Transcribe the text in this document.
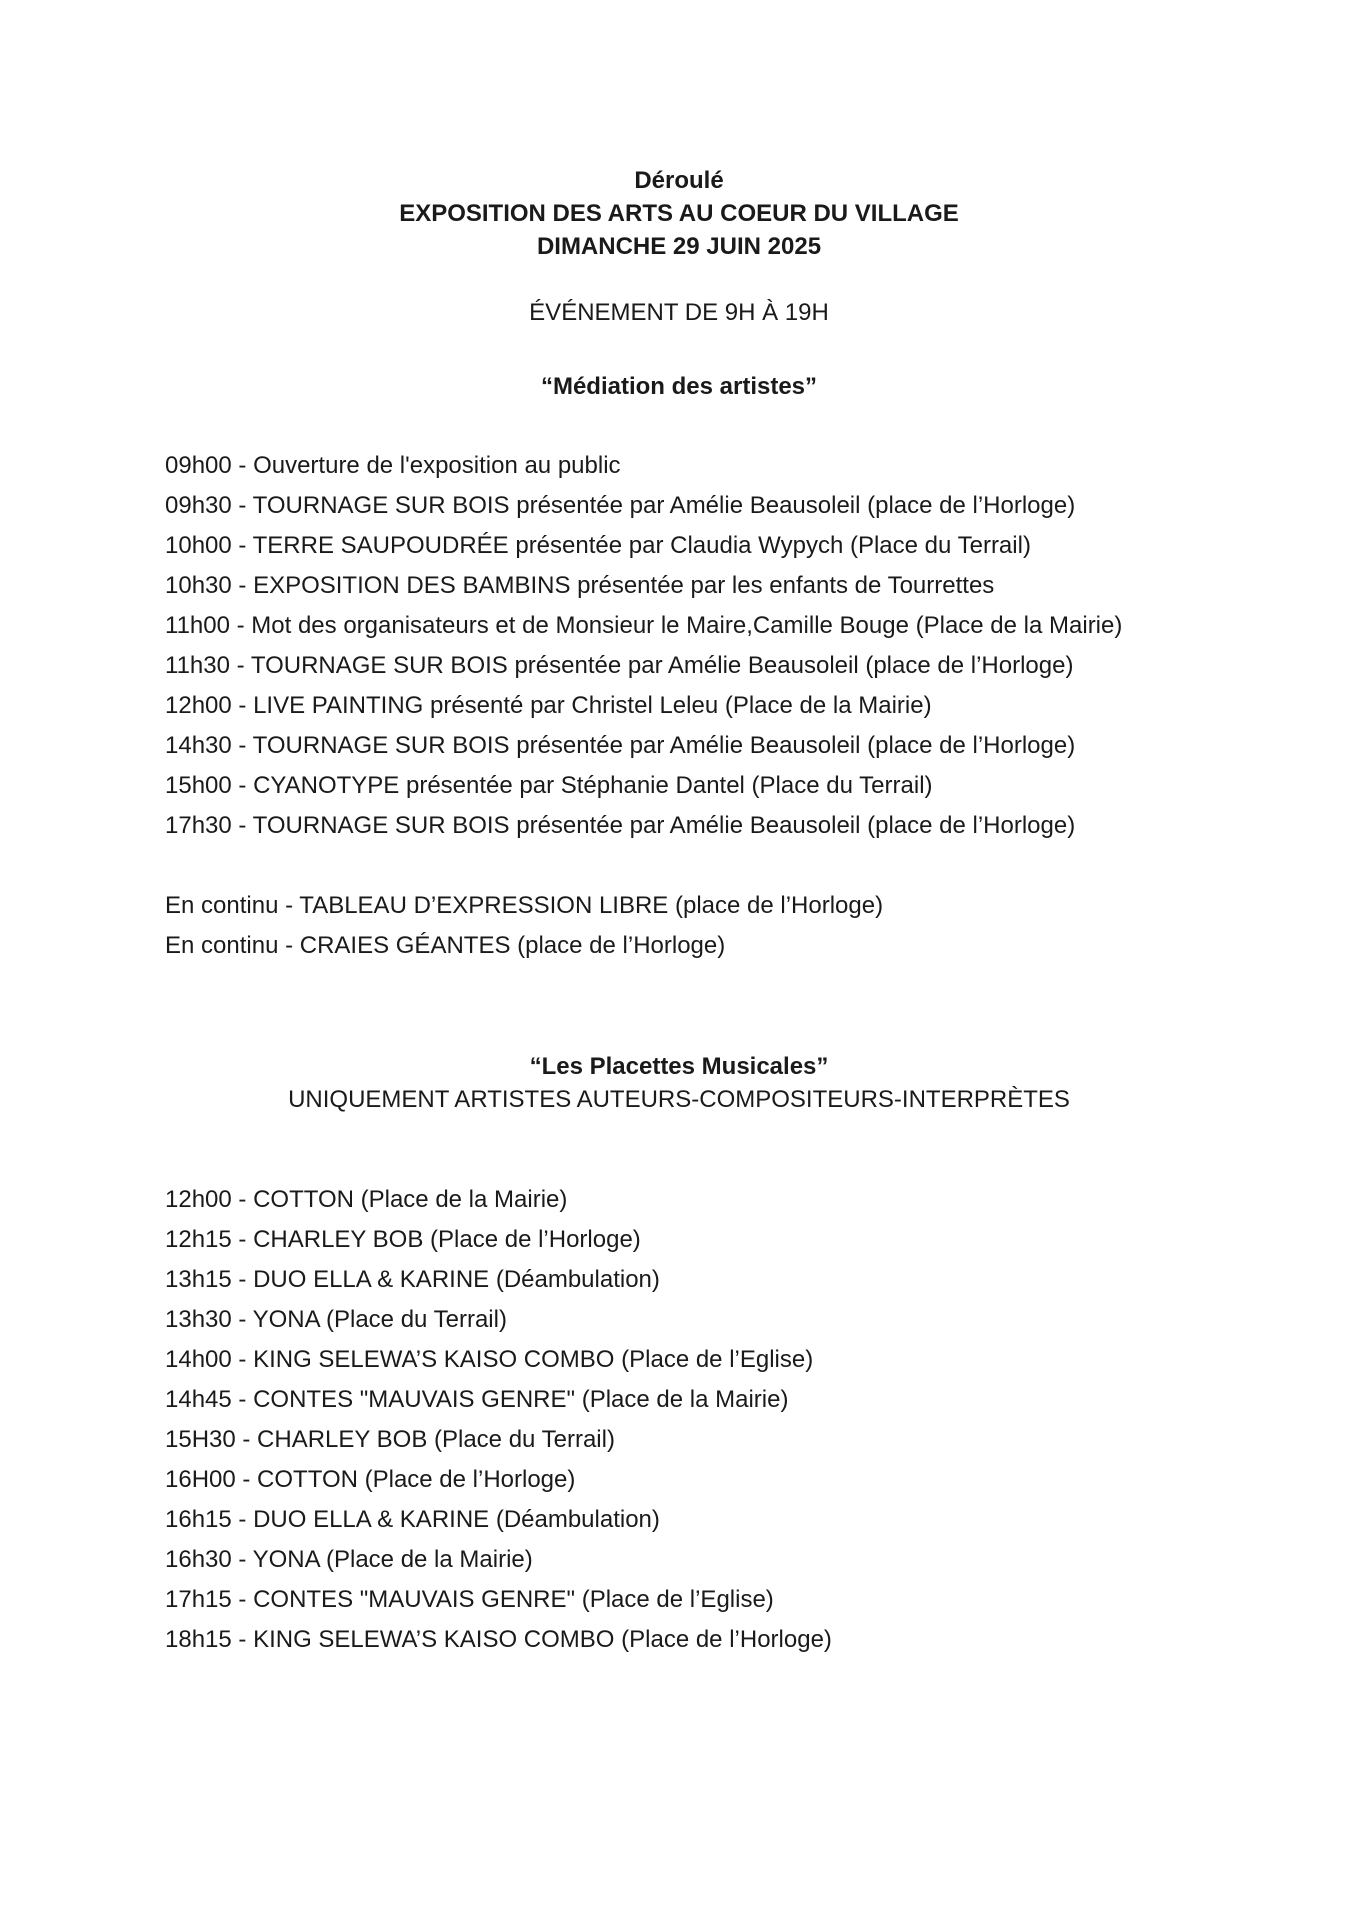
Déroulé
EXPOSITION DES ARTS AU COEUR DU VILLAGE
DIMANCHE 29 JUIN 2025
ÉVÉNEMENT DE 9H À 19H
“Médiation des artistes”
09h00 - Ouverture de l'exposition au public
09h30 - TOURNAGE SUR BOIS présentée par Amélie Beausoleil (place de l’Horloge)
10h00 - TERRE SAUPOUDRÉE présentée par Claudia Wypych (Place du Terrail)
10h30 - EXPOSITION DES BAMBINS présentée par les enfants de Tourrettes
11h00 - Mot des organisateurs et de Monsieur le Maire,Camille Bouge (Place de la Mairie)
11h30 - TOURNAGE SUR BOIS présentée par Amélie Beausoleil (place de l’Horloge)
12h00 - LIVE PAINTING présenté par Christel Leleu (Place de la Mairie)
14h30 - TOURNAGE SUR BOIS présentée par Amélie Beausoleil (place de l’Horloge)
15h00 - CYANOTYPE présentée par Stéphanie Dantel (Place du Terrail)
17h30 - TOURNAGE SUR BOIS présentée par Amélie Beausoleil (place de l’Horloge)
En continu - TABLEAU D’EXPRESSION LIBRE (place de l’Horloge)
En continu - CRAIES GÉANTES (place de l’Horloge)
“Les Placettes Musicales”
UNIQUEMENT ARTISTES AUTEURS-COMPOSITEURS-INTERPRÈTES
12h00 - COTTON (Place de la Mairie)
12h15 - CHARLEY BOB (Place de l’Horloge)
13h15 - DUO ELLA & KARINE (Déambulation)
13h30 - YONA (Place du Terrail)
14h00 - KING SELEWA’S KAISO COMBO (Place de l’Eglise)
14h45 - CONTES "MAUVAIS GENRE" (Place de la Mairie)
15H30 - CHARLEY BOB (Place du Terrail)
16H00 - COTTON (Place de l’Horloge)
16h15 - DUO ELLA & KARINE (Déambulation)
16h30 - YONA (Place de la Mairie)
17h15 - CONTES "MAUVAIS GENRE" (Place de l’Eglise)
18h15 - KING SELEWA’S KAISO COMBO (Place de l’Horloge)
